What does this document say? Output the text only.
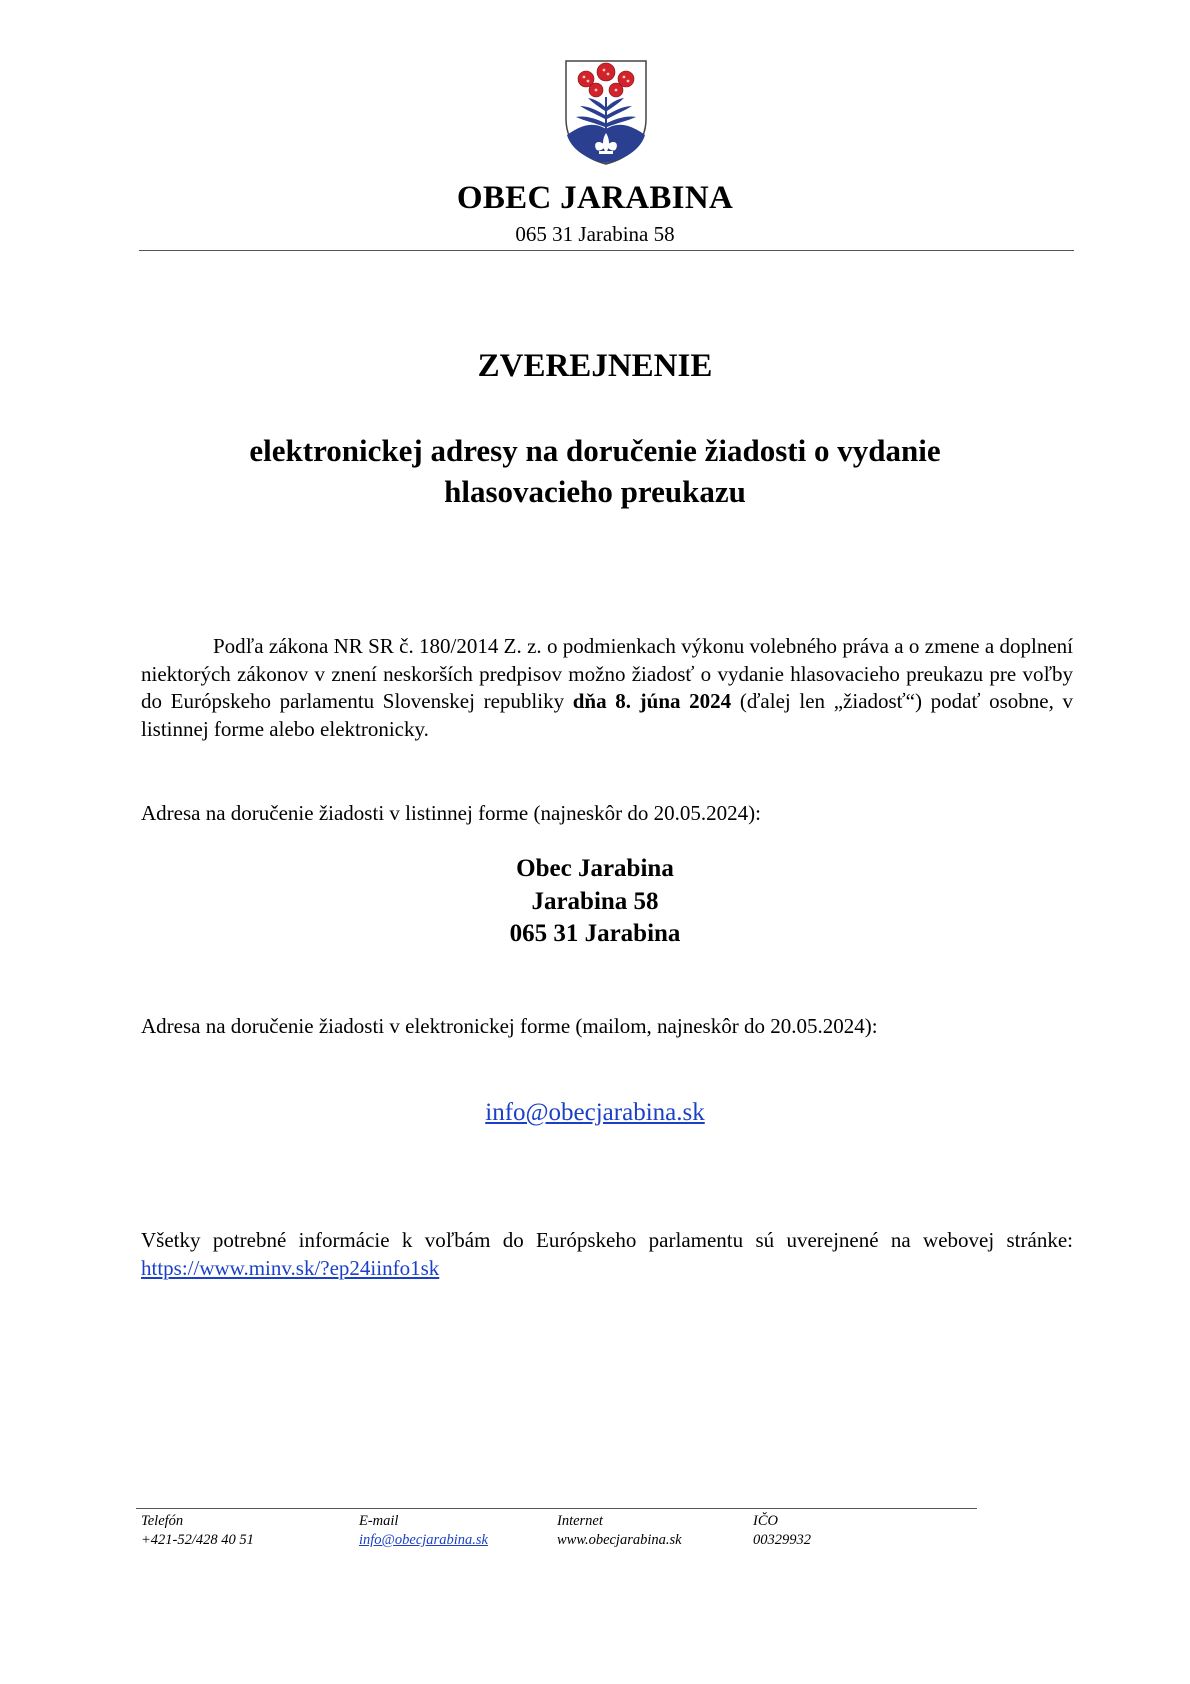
OBEC JARABINA
065 31 Jarabina 58
ZVEREJNENIE
elektronickej adresy na doručenie žiadosti o vydanie
hlasovacieho preukazu
Podľa zákona NR SR č. 180/2014 Z. z. o podmienkach výkonu volebného práva a o zmene a doplnení niektorých zákonov v znení neskorších predpisov možno žiadosť o vydanie hlasovacieho preukazu pre voľby do Európskeho parlamentu Slovenskej republiky dňa 8. júna 2024 (ďalej len „žiadosť“) podať osobne, v listinnej forme alebo elektronicky.
Adresa na doručenie žiadosti v listinnej forme (najneskôr do 20.05.2024):
Obec Jarabina
Jarabina 58
065 31 Jarabina
Adresa na doručenie žiadosti v elektronickej forme (mailom, najneskôr do 20.05.2024):
info@obecjarabina.sk
Všetky potrebné informácie k voľbám do Európskeho parlamentu sú uverejnené na webovej stránke: https://www.minv.sk/?ep24iinfo1sk
Telefón
+421-52/428 40 51
E-mail
info@obecjarabina.sk
Internet
www.obecjarabina.sk
IČO
00329932
